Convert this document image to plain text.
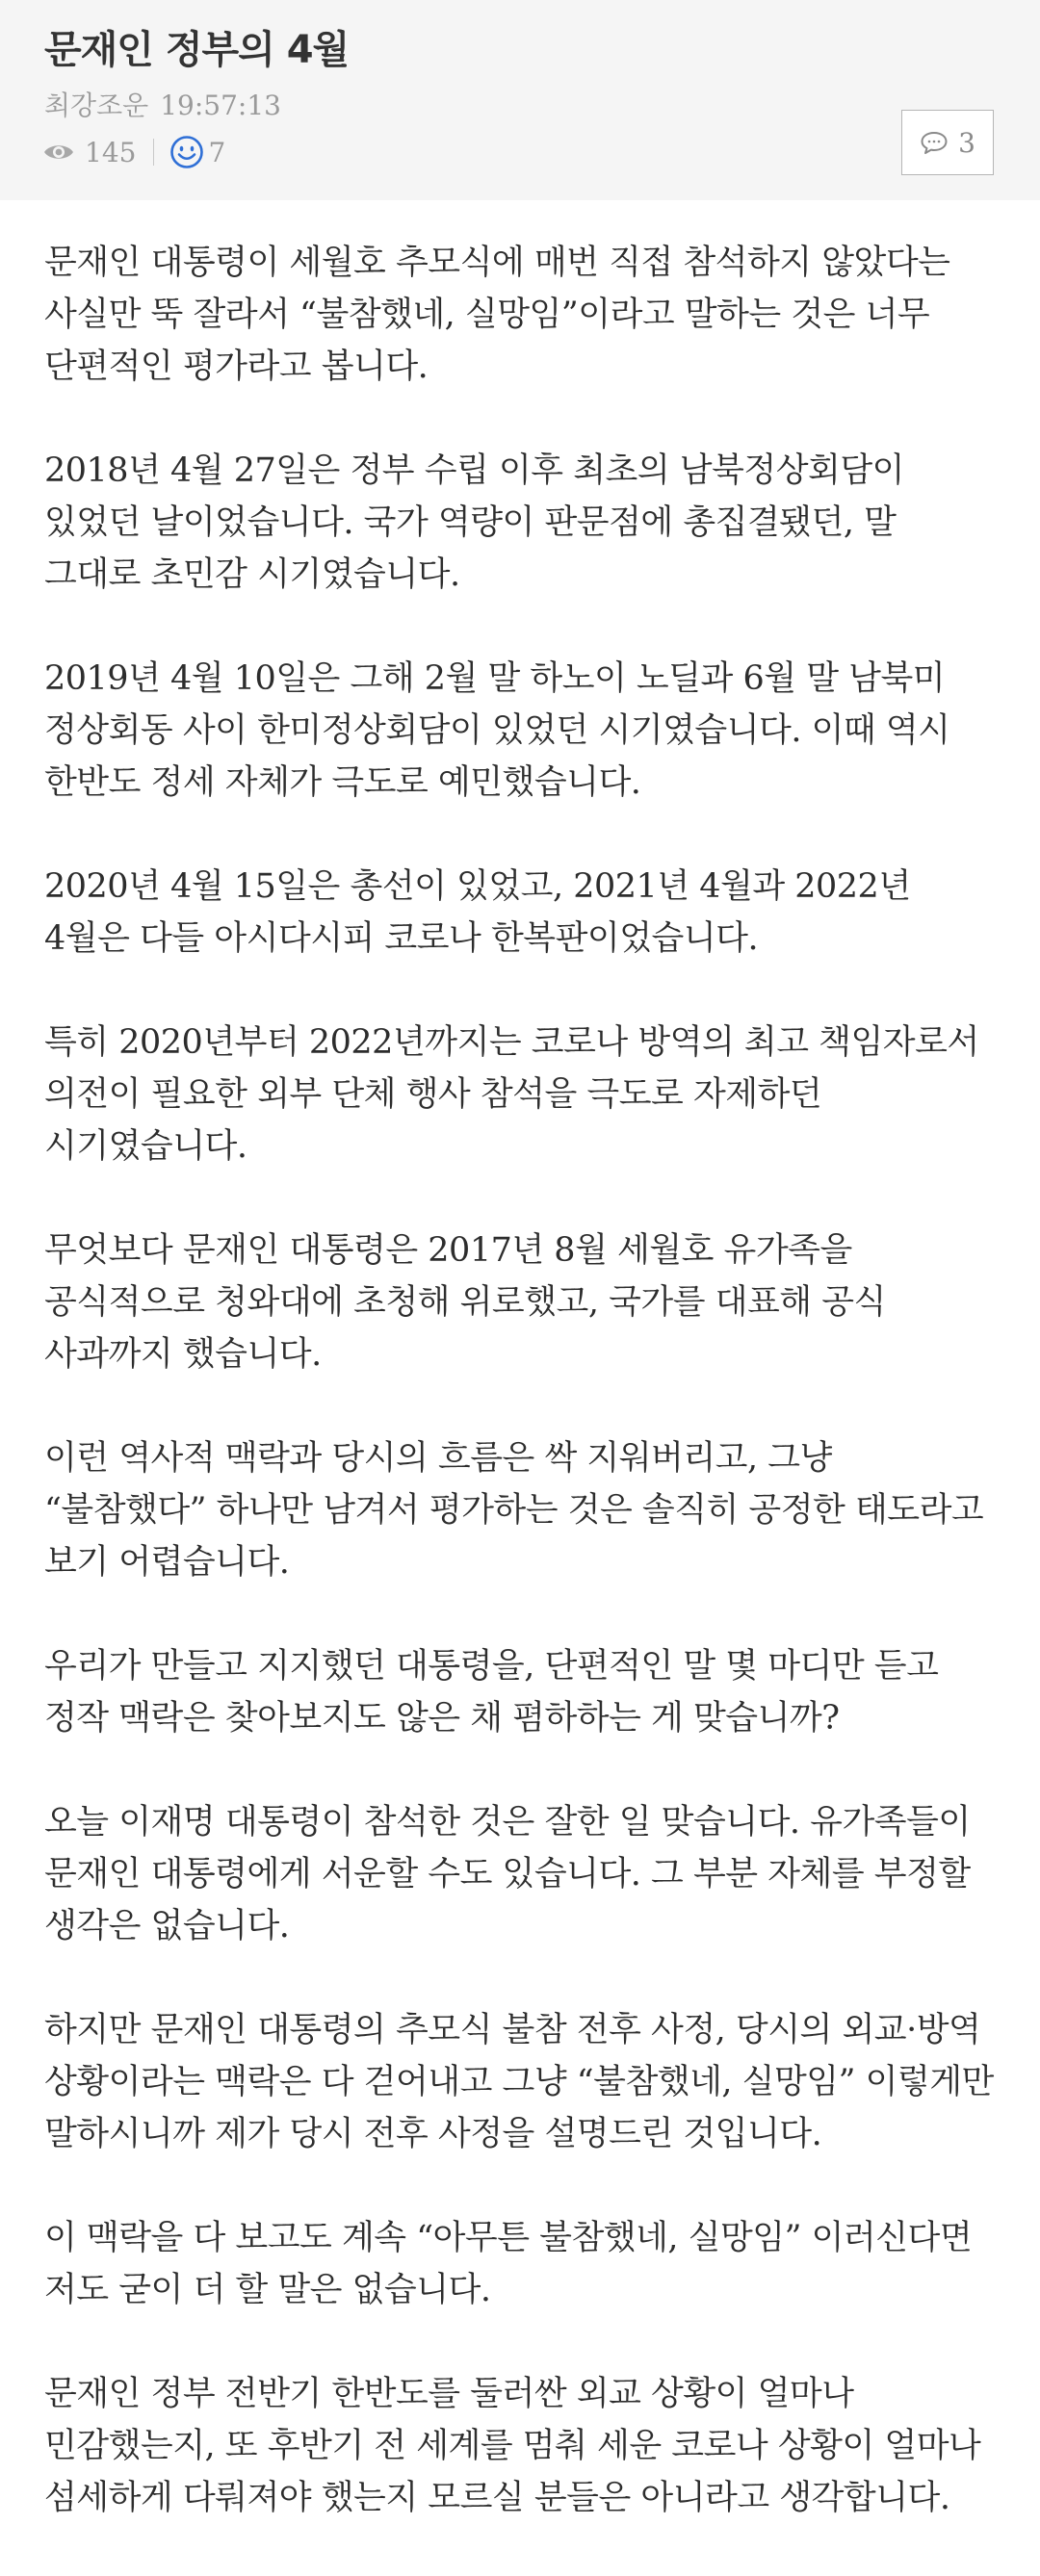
문재인 정부의 4월
최강조운 19:57:13
145	7	3

문재인 대통령이 세월호 추모식에 매번 직접 참석하지 않았다는 사실만 뚝 잘라서 “불참했네, 실망임”이라고 말하는 것은 너무 단편적인 평가라고 봅니다.

2018년 4월 27일은 정부 수립 이후 최초의 남북정상회담이 있었던 날이었습니다. 국가 역량이 판문점에 총집결됐던, 말 그대로 초민감 시기였습니다.

2019년 4월 10일은 그해 2월 말 하노이 노딜과 6월 말 남북미 정상회동 사이 한미정상회담이 있었던 시기였습니다. 이때 역시 한반도 정세 자체가 극도로 예민했습니다.

2020년 4월 15일은 총선이 있었고, 2021년 4월과 2022년 4월은 다들 아시다시피 코로나 한복판이었습니다.

특히 2020년부터 2022년까지는 코로나 방역의 최고 책임자로서 의전이 필요한 외부 단체 행사 참석을 극도로 자제하던 시기였습니다.

무엇보다 문재인 대통령은 2017년 8월 세월호 유가족을 공식적으로 청와대에 초청해 위로했고, 국가를 대표해 공식 사과까지 했습니다.

이런 역사적 맥락과 당시의 흐름은 싹 지워버리고, 그냥 “불참했다” 하나만 남겨서 평가하는 것은 솔직히 공정한 태도라고 보기 어렵습니다.

우리가 만들고 지지했던 대통령을, 단편적인 말 몇 마디만 듣고 정작 맥락은 찾아보지도 않은 채 폄하하는 게 맞습니까?

오늘 이재명 대통령이 참석한 것은 잘한 일 맞습니다. 유가족들이 문재인 대통령에게 서운할 수도 있습니다. 그 부분 자체를 부정할 생각은 없습니다.

하지만 문재인 대통령의 추모식 불참 전후 사정, 당시의 외교·방역 상황이라는 맥락은 다 걷어내고 그냥 “불참했네, 실망임” 이렇게만 말하시니까 제가 당시 전후 사정을 설명드린 것입니다.

이 맥락을 다 보고도 계속 “아무튼 불참했네, 실망임” 이러신다면 저도 굳이 더 할 말은 없습니다.

문재인 정부 전반기 한반도를 둘러싼 외교 상황이 얼마나 민감했는지, 또 후반기 전 세계를 멈춰 세운 코로나 상황이 얼마나 섬세하게 다뤄져야 했는지 모르실 분들은 아니라고 생각합니다.
